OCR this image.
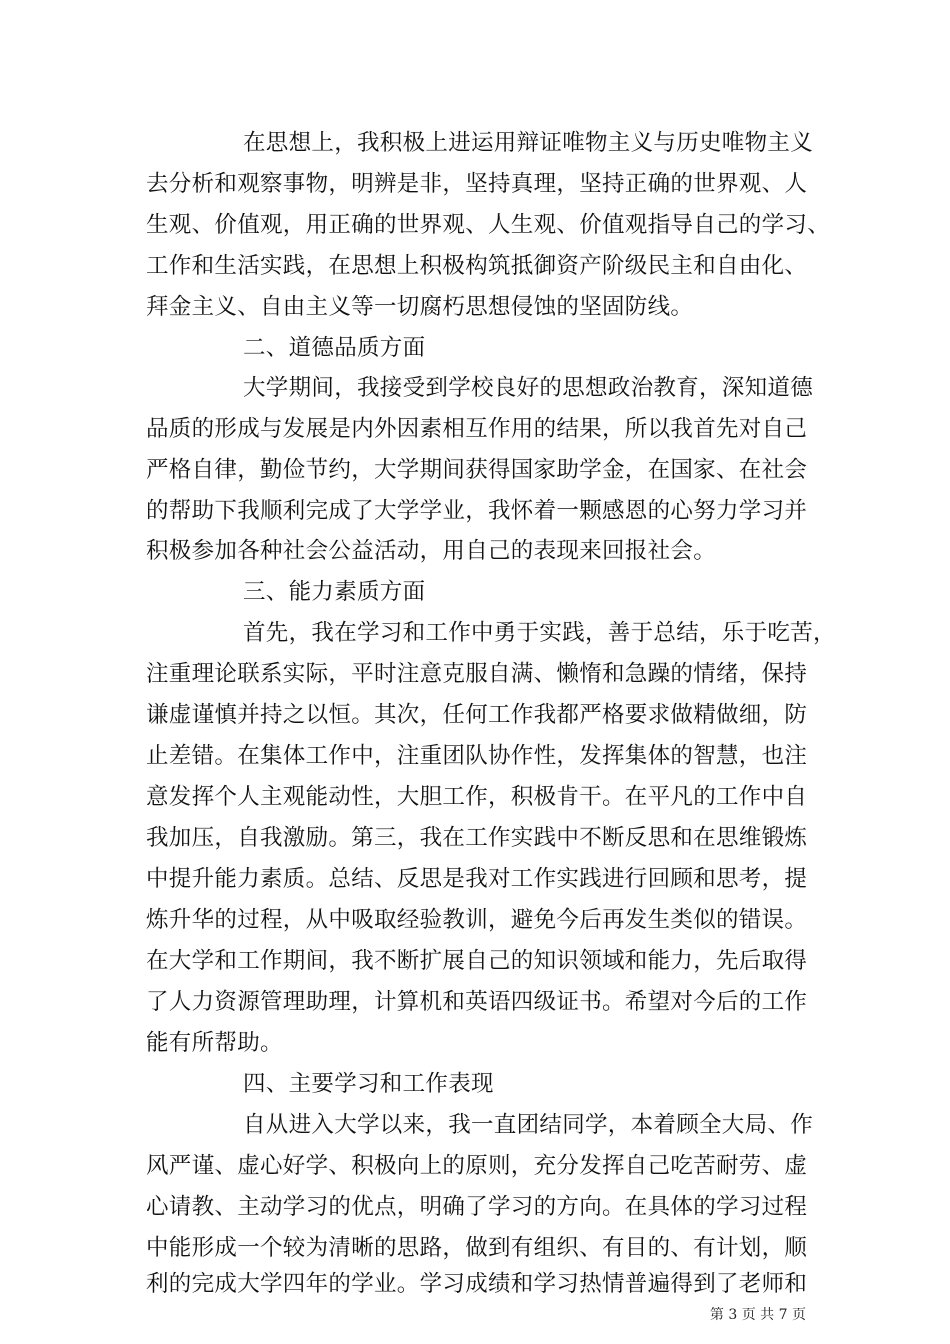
在思想上，我积极上进运用辩证唯物主义与历史唯物主义
去分析和观察事物，明辨是非，坚持真理，坚持正确的世界观、人
生观、价值观，用正确的世界观、人生观、价值观指导自己的学习、
工作和生活实践，在思想上积极构筑抵御资产阶级民主和自由化、
拜金主义、自由主义等一切腐朽思想侵蚀的坚固防线。
二、道德品质方面
大学期间，我接受到学校良好的思想政治教育，深知道德
品质的形成与发展是内外因素相互作用的结果，所以我首先对自己
严格自律，勤俭节约，大学期间获得国家助学金，在国家、在社会
的帮助下我顺利完成了大学学业，我怀着一颗感恩的心努力学习并
积极参加各种社会公益活动，用自己的表现来回报社会。
三、能力素质方面
首先，我在学习和工作中勇于实践，善于总结，乐于吃苦，
注重理论联系实际，平时注意克服自满、懒惰和急躁的情绪，保持
谦虚谨慎并持之以恒。其次，任何工作我都严格要求做精做细，防
止差错。在集体工作中，注重团队协作性，发挥集体的智慧，也注
意发挥个人主观能动性，大胆工作，积极肯干。在平凡的工作中自
我加压，自我激励。第三，我在工作实践中不断反思和在思维锻炼
中提升能力素质。总结、反思是我对工作实践进行回顾和思考，提
炼升华的过程，从中吸取经验教训，避免今后再发生类似的错误。
在大学和工作期间，我不断扩展自己的知识领域和能力，先后取得
了人力资源管理助理，计算机和英语四级证书。希望对今后的工作
能有所帮助。
四、主要学习和工作表现
自从进入大学以来，我一直团结同学，本着顾全大局、作
风严谨、虚心好学、积极向上的原则，充分发挥自己吃苦耐劳、虚
心请教、主动学习的优点，明确了学习的方向。在具体的学习过程
中能形成一个较为清晰的思路，做到有组织、有目的、有计划，顺
利的完成大学四年的学业。学习成绩和学习热情普遍得到了老师和
第 3 页 共 7 页
